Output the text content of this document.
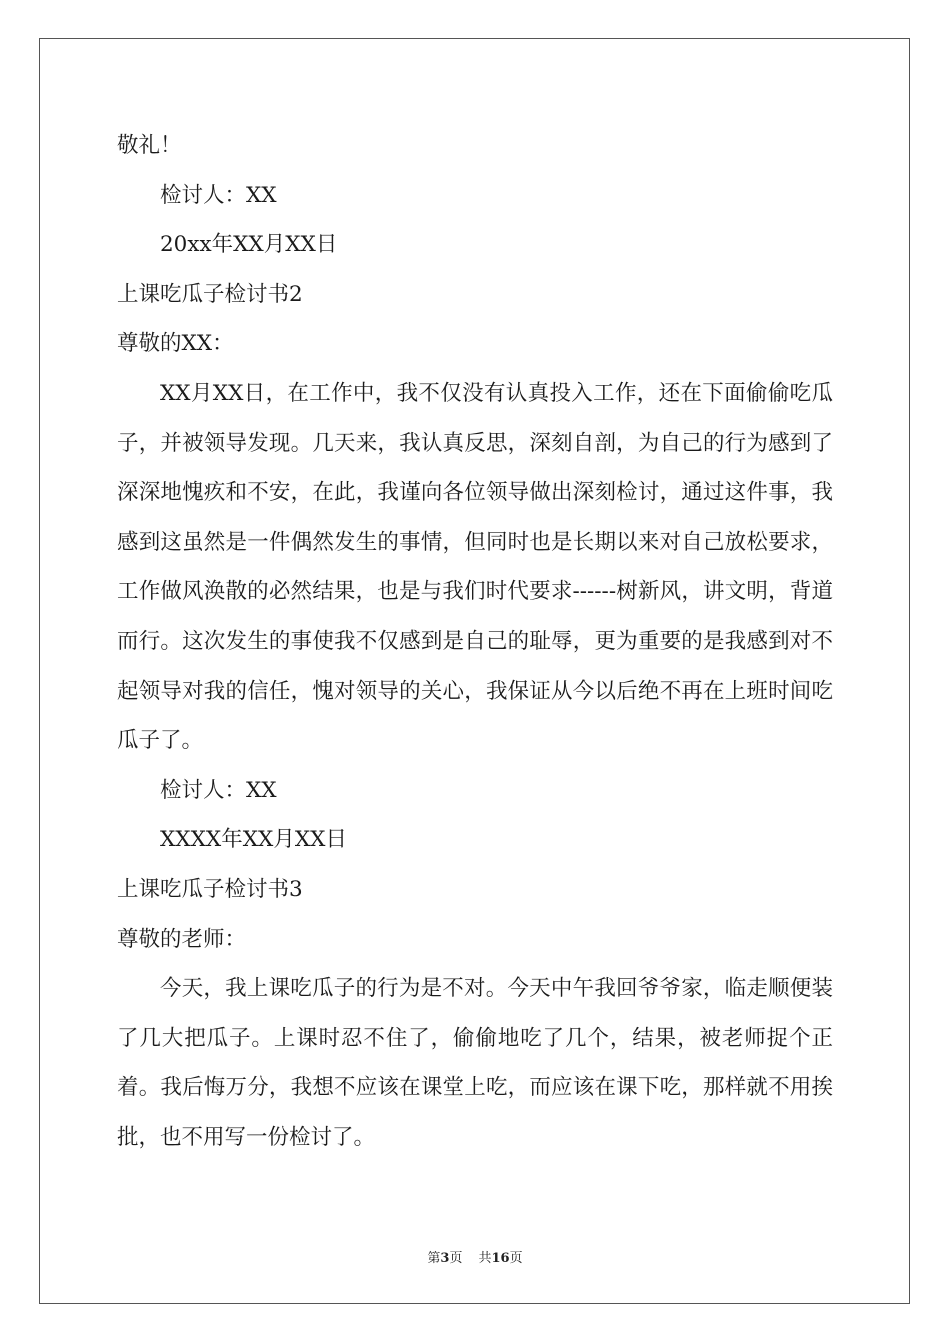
敬礼！
检讨人：XX
20xx年XX月XX日
上课吃瓜子检讨书2
尊敬的XX：

XX月XX日，在工作中，我不仅没有认真投入工作，还在下面偷偷吃瓜子，并被领导发现。几天来，我认真反思，深刻自剖，为自己的行为感到了深深地愧疚和不安，在此，我谨向各位领导做出深刻检讨，通过这件事，我感到这虽然是一件偶然发生的事情，但同时也是长期以来对自己放松要求，工作做风涣散的必然结果，也是与我们时代要求------树新风，讲文明，背道而行。这次发生的事使我不仅感到是自己的耻辱，更为重要的是我感到对不起领导对我的信任，愧对领导的关心，我保证从今以后绝不再在上班时间吃瓜子了。

检讨人：XX
XXXX年XX月XX日
上课吃瓜子检讨书3
尊敬的老师：

今天，我上课吃瓜子的行为是不对。今天中午我回爷爷家，临走顺便装了几大把瓜子。上课时忍不住了，偷偷地吃了几个，结果，被老师捉个正着。我后悔万分，我想不应该在课堂上吃，而应该在课下吃，那样就不用挨批，也不用写一份检讨了。

第3页 共16页
